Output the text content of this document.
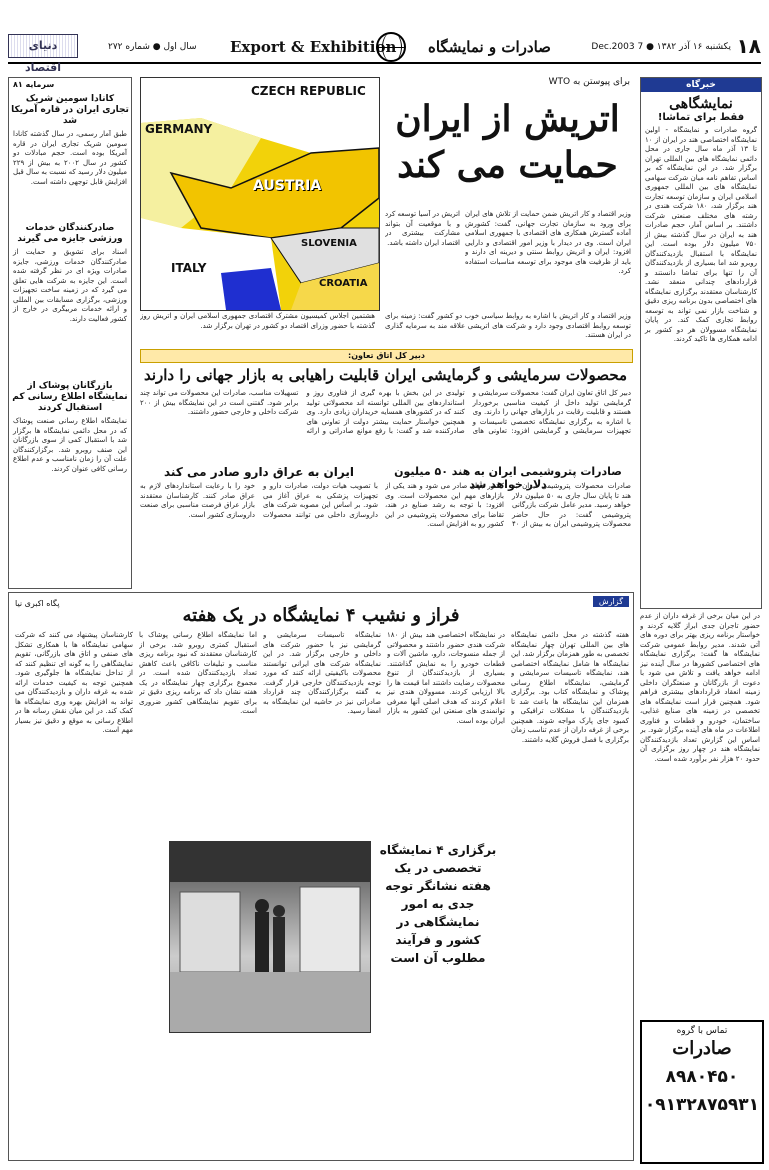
دنیای اقتصاد
سال اول ● شماره ۲۷۲ Export & Exhibition صادرات و نمایشگاه	یکشنبه ۱۶ آذر ۱۳۸۲ ● 7 Dec.2003 ۱۸
خبرگاه
نمایشگاهی
فقط برای تماشا!
گروه صادرات و نمایشگاه - اولین نمایشگاه اختصاصی هند در ایران از ۱۰ تا ۱۳ آذر ماه سال جاری در محل دائمی نمایشگاه های بین المللی تهران برگزار شد. در این نمایشگاه که بر اساس تفاهم نامه میان شرکت سهامی نمایشگاه های بین المللی جمهوری اسلامی ایران و سازمان توسعه تجارت هند برگزار شد، ۱۸۰ شرکت هندی در رشته های مختلف صنعتی شرکت داشتند. بر اساس آمار، حجم صادرات هند به ایران در سال گذشته بیش از ۷۵۰ میلیون دلار بوده است. این نمایشگاه با استقبال بازدیدکنندگان روبرو شد اما بسیاری از بازدیدکنندگان آن را تنها برای تماشا دانستند و قراردادهای چندانی منعقد نشد. کارشناسان معتقدند برگزاری نمایشگاه های اختصاصی بدون برنامه ریزی دقیق و شناخت بازار نمی تواند به توسعه روابط تجاری کمک کند. در پایان نمایشگاه مسوولان هر دو کشور بر ادامه همکاری ها تاکید کردند.
در این میان برخی از غرفه داران از عدم حضور تاجران جدی ابراز گلایه کردند و خواستار برنامه ریزی بهتر برای دوره های آتی شدند. مدیر روابط عمومی شرکت نمایشگاه ها گفت: برگزاری نمایشگاه های اختصاصی کشورها در سال آینده نیز ادامه خواهد یافت و تلاش می شود با دعوت از بازرگانان و صنعتگران داخلی زمینه انعقاد قراردادهای بیشتری فراهم شود. همچنین قرار است نمایشگاه های تخصصی در زمینه های صنایع غذایی، ساختمان، خودرو و قطعات و فناوری اطلاعات در ماه های آینده برگزار شود. بر اساس این گزارش تعداد بازدیدکنندگان نمایشگاه هند در چهار روز برگزاری آن حدود ۲۰ هزار نفر برآورد شده است.
سرمایه ۸۱
کانادا سومین شریک تجاری ایران در قاره آمریکا شد
طبق آمار رسمی، در سال گذشته کانادا سومین شریک تجاری ایران در قاره آمریکا بوده است. حجم مبادلات دو کشور در سال ۲۰۰۲ به بیش از ۲۲۹ میلیون دلار رسید که نسبت به سال قبل افزایش قابل توجهی داشته است.
صادرکنندگان خدمات ورزشی جایزه می گیرند
اسناد برای تشویق و حمایت از صادرکنندگان خدمات ورزشی، جایزه صادرات ویژه ای در نظر گرفته شده است. این جایزه به شرکت هایی تعلق می گیرد که در زمینه ساخت تجهیزات ورزشی، برگزاری مسابقات بین المللی و ارائه خدمات مربیگری در خارج از کشور فعالیت دارند.
بازرگانان پوشاک از نمایشگاه اطلاع رسانی کم استقبال کردند
نمایشگاه اطلاع رسانی صنعت پوشاک که در محل دائمی نمایشگاه ها برگزار شد با استقبال کمی از سوی بازرگانان این صنف روبرو شد. برگزارکنندگان علت آن را زمان نامناسب و عدم اطلاع رسانی کافی عنوان کردند.
CZECH REPUBLIC
GERMANY
AUSTRIA
SLOVENIA
ITALY
CROATIA
برای پیوستن به WTO
اتریش از ایران حمایت می کند
وزیر اقتصاد و کار اتریش ضمن حمایت از تلاش های ایران برای ورود به سازمان تجارت جهانی، گفت: کشورش آماده گسترش همکاری های اقتصادی با جمهوری اسلامی ایران است. وی در دیدار با وزیر امور اقتصادی و دارایی افزود: ایران و اتریش روابط سنتی و دیرینه ای دارند و باید از ظرفیت های موجود برای توسعه مناسبات استفاده کرد.
اتریش در آسیا توسعه کرد و با موقعیت آن بتواند مشارکت بیشتری در اقتصاد ایران داشته باشد.
هشتمین اجلاس کمیسیون مشترک اقتصادی جمهوری اسلامی ایران و اتریش روز گذشته با حضور وزرای اقتصاد دو کشور در تهران برگزار شد.
وزیر اقتصاد و کار اتریش با اشاره به روابط سیاسی خوب دو کشور گفت: زمینه برای توسعه روابط اقتصادی وجود دارد و شرکت های اتریشی علاقه مند به سرمایه گذاری در ایران هستند.
دبیر کل اتاق تعاون:
محصولات سرمایشی و گرمایشی ایران قابلیت راهیابی به بازار جهانی را دارند
دبیر کل اتاق تعاون ایران گفت: محصولات سرمایشی و گرمایشی تولید داخل از کیفیت مناسبی برخوردار هستند و قابلیت رقابت در بازارهای جهانی را دارند. وی با اشاره به برگزاری نمایشگاه تخصصی تاسیسات و تجهیزات سرمایشی و گرمایشی افزود: تعاونی های تولیدی در این بخش با بهره گیری از فناوری روز و استانداردهای بین المللی توانسته اند محصولاتی تولید کنند که در کشورهای همسایه خریداران زیادی دارد. وی همچنین خواستار حمایت بیشتر دولت از تعاونی های صادرکننده شد و گفت: با رفع موانع صادراتی و ارائه تسهیلات مناسب، صادرات این محصولات می تواند چند برابر شود. گفتنی است در این نمایشگاه بیش از ۲۰۰ شرکت داخلی و خارجی حضور داشتند.
صادرات پتروشیمی ایران به هند ۵۰ میلیون دلار خواهد شد
صادرات محصولات پتروشیمی ایران به هند تا پایان سال جاری به ۵۰ میلیون دلار خواهد رسید. مدیر عامل شرکت بازرگانی پتروشیمی گفت: در حال حاضر محصولات پتروشیمی ایران به بیش از ۴۰ کشور جهان صادر می شود و هند یکی از بازارهای مهم این محصولات است. وی افزود: با توجه به رشد صنایع در هند، تقاضا برای محصولات پتروشیمی در این کشور رو به افزایش است.
ایران به عراق دارو صادر می کند
با تصویب هیات دولت، صادرات دارو و تجهیزات پزشکی به عراق آغاز می شود. بر اساس این مصوبه شرکت های داروسازی داخلی می توانند محصولات خود را با رعایت استانداردهای لازم به عراق صادر کنند. کارشناسان معتقدند بازار عراق فرصت مناسبی برای صنعت داروسازی کشور است.
گزارش
پگاه اکبری نیا
فراز و نشیب ۴ نمایشگاه در یک هفته
هفته گذشته در محل دائمی نمایشگاه های بین المللی تهران چهار نمایشگاه تخصصی به طور همزمان برگزار شد. این نمایشگاه ها شامل نمایشگاه اختصاصی هند، نمایشگاه تاسیسات سرمایشی و گرمایشی، نمایشگاه اطلاع رسانی پوشاک و نمایشگاه کتاب بود. برگزاری همزمان این نمایشگاه ها باعث شد تا بازدیدکنندگان با مشکلات ترافیکی و کمبود جای پارک مواجه شوند. همچنین برخی از غرفه داران از عدم تناسب زمان برگزاری با فصل فروش گلایه داشتند.
در نمایشگاه اختصاصی هند بیش از ۱۸۰ شرکت هندی حضور داشتند و محصولاتی از جمله منسوجات، دارو، ماشین آلات و قطعات خودرو را به نمایش گذاشتند. بسیاری از بازدیدکنندگان از تنوع محصولات رضایت داشتند اما قیمت ها را بالا ارزیابی کردند. مسوولان هندی نیز اعلام کردند که هدف اصلی آنها معرفی توانمندی های صنعتی این کشور به بازار ایران بوده است.
نمایشگاه تاسیسات سرمایشی و گرمایشی نیز با حضور شرکت های داخلی و خارجی برگزار شد. در این نمایشگاه شرکت های ایرانی توانستند محصولات باکیفیتی ارائه کنند که مورد توجه بازدیدکنندگان خارجی قرار گرفت. به گفته برگزارکنندگان چند قرارداد صادراتی نیز در حاشیه این نمایشگاه به امضا رسید.
اما نمایشگاه اطلاع رسانی پوشاک با استقبال کمتری روبرو شد. برخی از کارشناسان معتقدند که نبود برنامه ریزی مناسب و تبلیغات ناکافی باعث کاهش تعداد بازدیدکنندگان شده است. در مجموع برگزاری چهار نمایشگاه در یک هفته نشان داد که برنامه ریزی دقیق تر برای تقویم نمایشگاهی کشور ضروری است.
کارشناسان پیشنهاد می کنند که شرکت سهامی نمایشگاه ها با همکاری تشکل های صنفی و اتاق های بازرگانی، تقویم نمایشگاهی را به گونه ای تنظیم کنند که از تداخل نمایشگاه ها جلوگیری شود. همچنین توجه به کیفیت خدمات ارائه شده به غرفه داران و بازدیدکنندگان می تواند به افزایش بهره وری نمایشگاه ها کمک کند. در این میان نقش رسانه ها در اطلاع رسانی به موقع و دقیق نیز بسیار مهم است.
برگزاری ۴ نمایشگاه تخصصی در یک هفته نشانگر توجه جدی به امور نمایشگاهی در کشور و فرآیند مطلوب آن است
تماس با گروه
صادرات
۸۹۸۰۴۵۰
۰۹۱۳۲۸۷۵۹۳۱
